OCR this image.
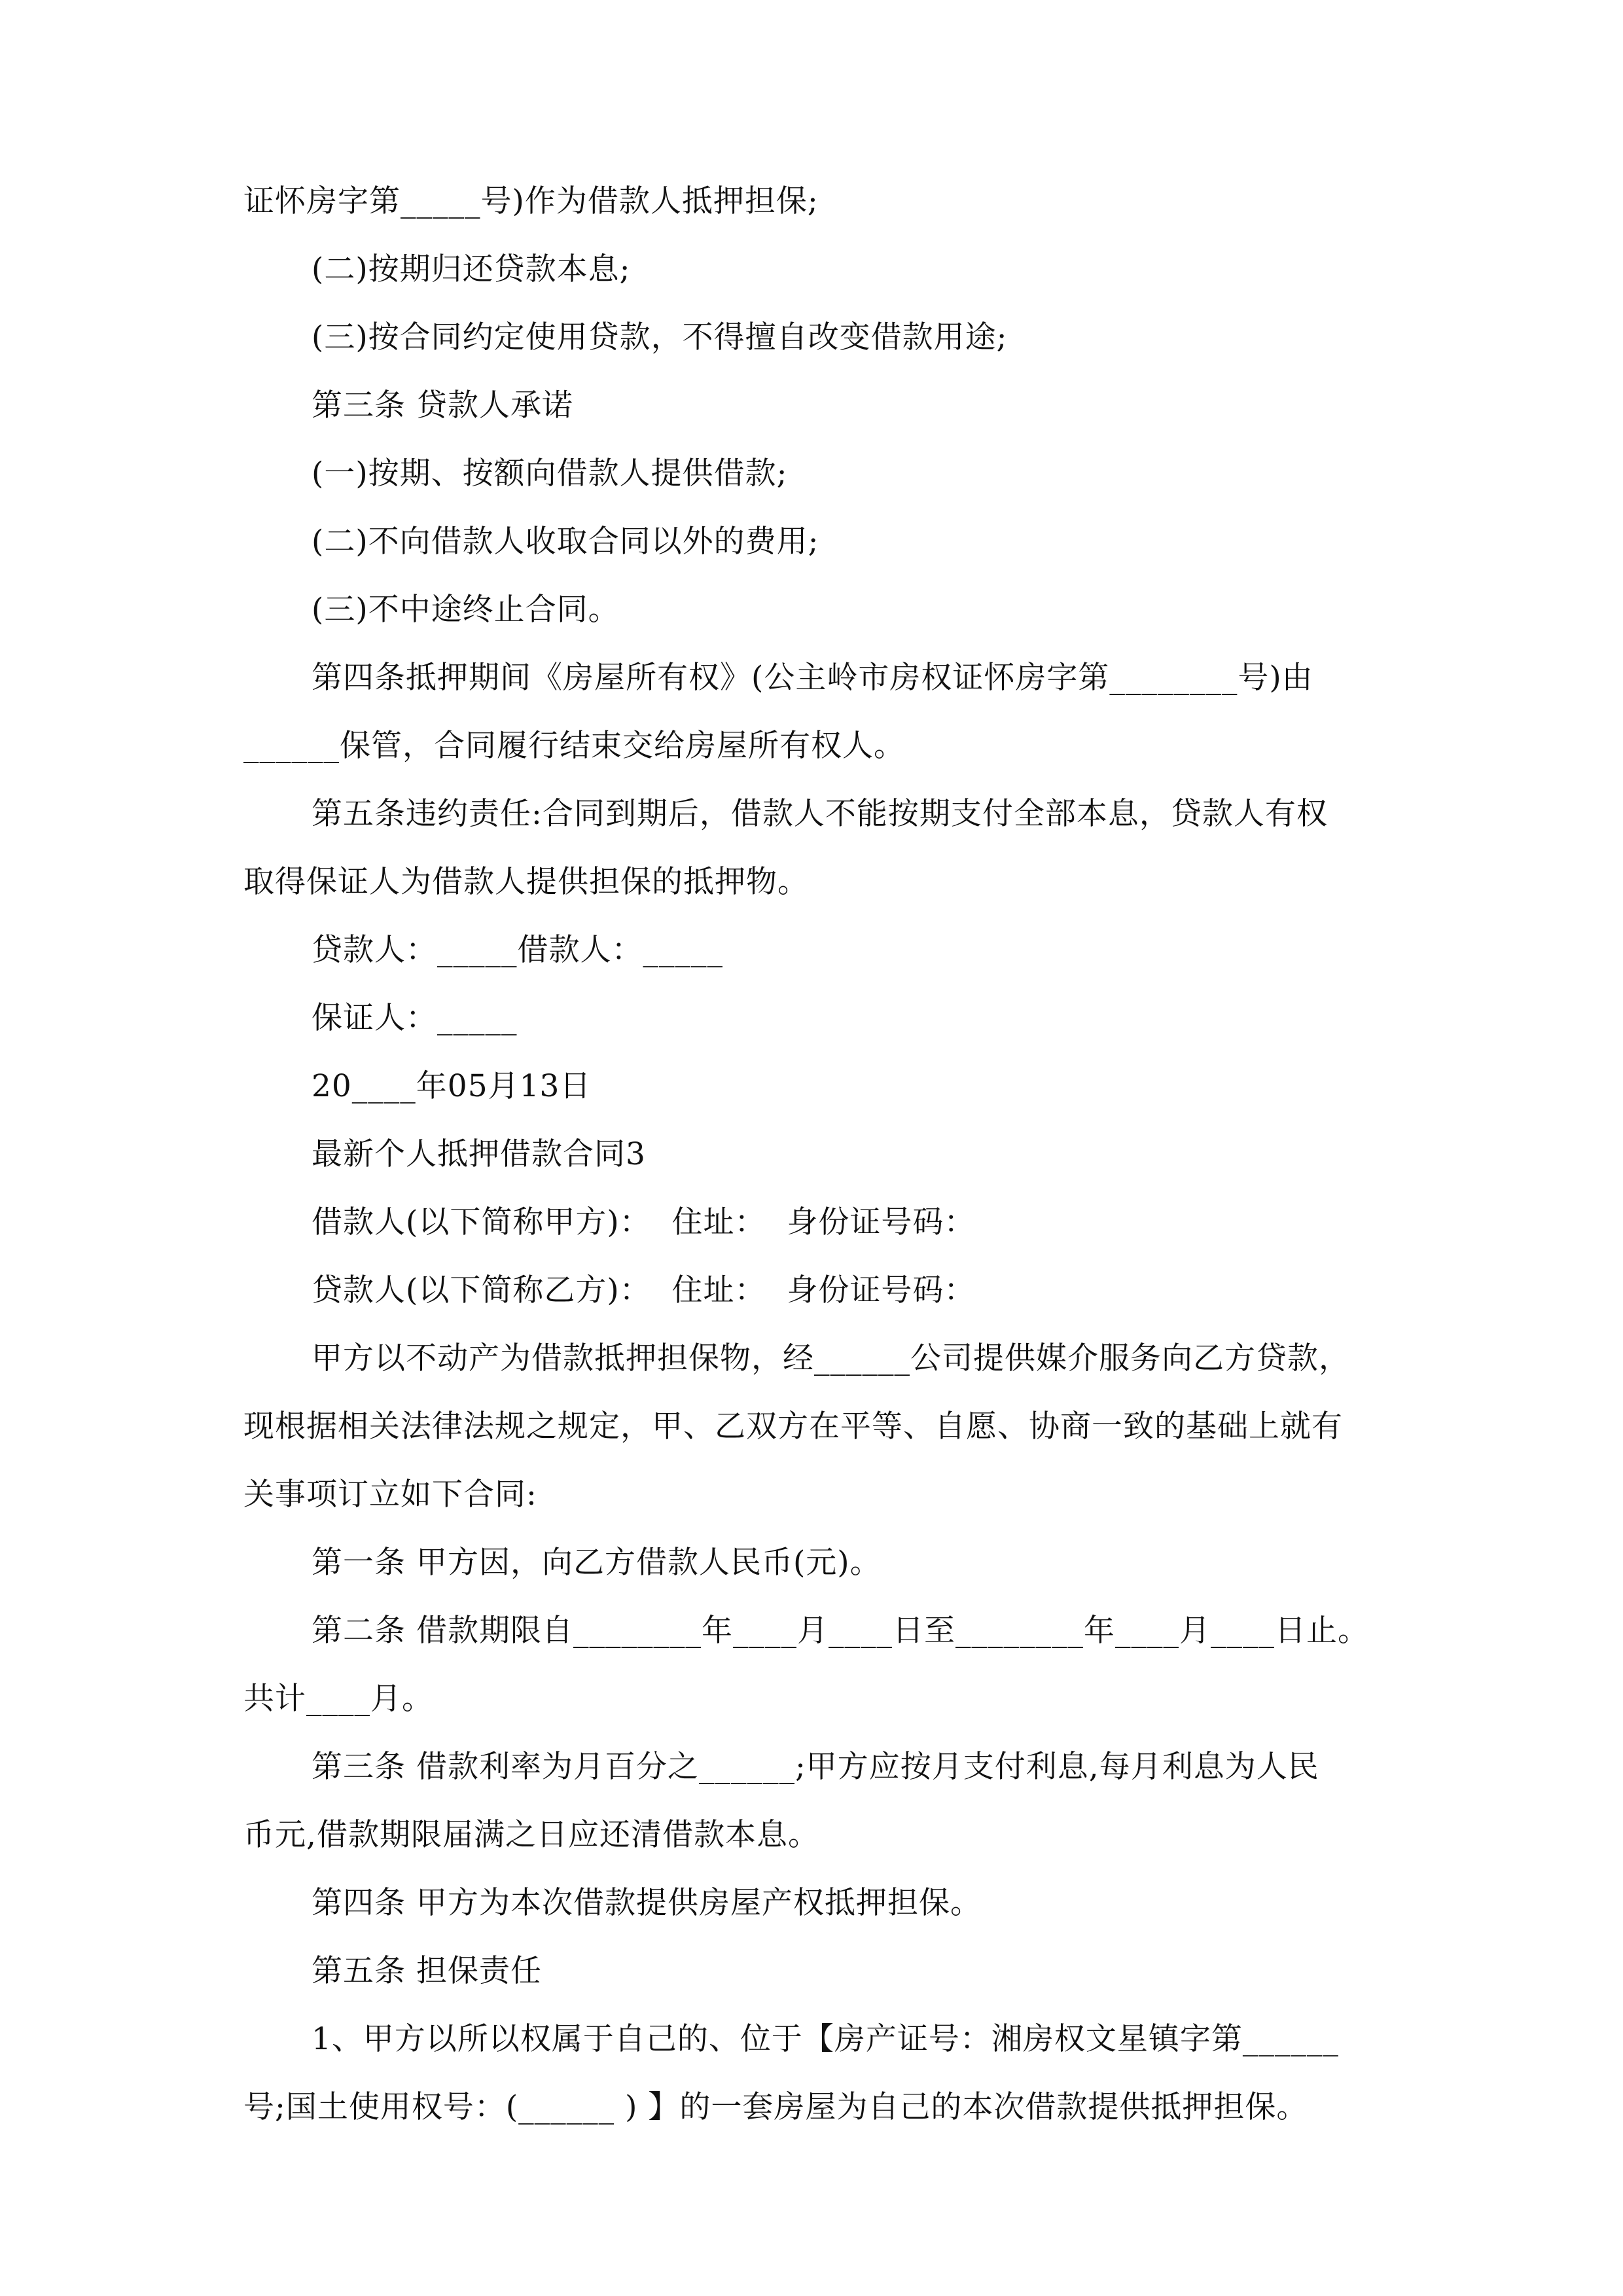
证怀房字第_____号)作为借款人抵押担保;
(二)按期归还贷款本息;
(三)按合同约定使用贷款，不得擅自改变借款用途;
第三条 贷款人承诺
(一)按期、按额向借款人提供借款;
(二)不向借款人收取合同以外的费用;
(三)不中途终止合同。
第四条抵押期间《房屋所有权》(公主岭市房权证怀房字第________号)由
______保管，合同履行结束交给房屋所有权人。
第五条违约责任:合同到期后，借款人不能按期支付全部本息，贷款人有权
取得保证人为借款人提供担保的抵押物。
贷款人：_____借款人：_____
保证人：_____
20____年05月13日
最新个人抵押借款合同3
借款人(以下简称甲方)：  住址：  身份证号码：
贷款人(以下简称乙方)：  住址：  身份证号码：
甲方以不动产为借款抵押担保物，经______公司提供媒介服务向乙方贷款，
现根据相关法律法规之规定，甲、乙双方在平等、自愿、协商一致的基础上就有
关事项订立如下合同:
第一条 甲方因，向乙方借款人民币(元)。
第二条 借款期限自________年____月____日至________年____月____日止。
共计____月。
第三条 借款利率为月百分之______;甲方应按月支付利息,每月利息为人民
币元,借款期限届满之日应还清借款本息。
第四条 甲方为本次借款提供房屋产权抵押担保。
第五条 担保责任
1、甲方以所以权属于自己的、位于【房产证号：湘房权文星镇字第______
号;国土使用权号：(______ ) 】的一套房屋为自己的本次借款提供抵押担保。
